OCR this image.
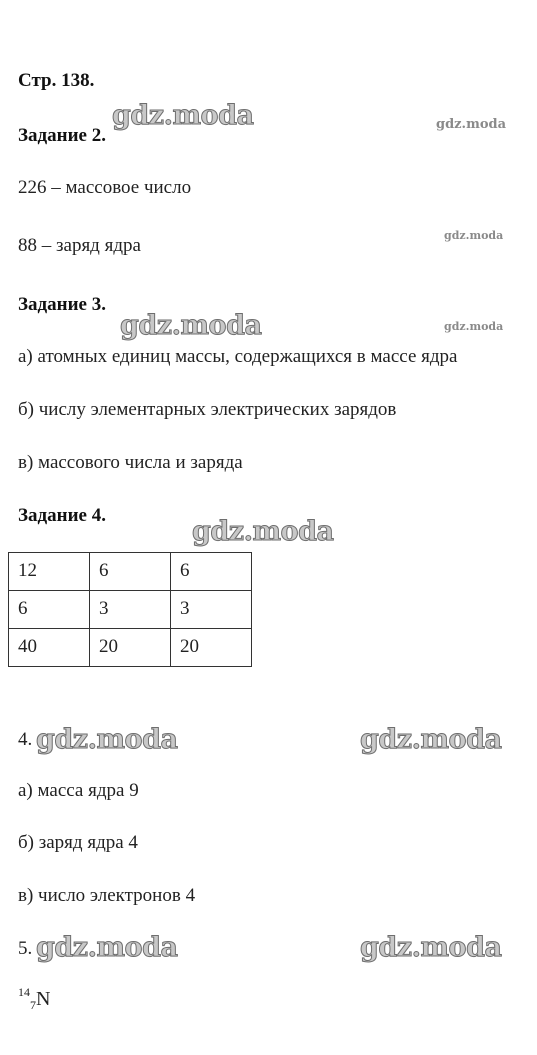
Стр. 138.
Задание 2.
226 – массовое число
88 – заряд ядра
Задание 3.
а) атомных единиц массы, содержащихся в массе ядра
б) числу элементарных электрических зарядов
в) массового числа и заряда
Задание 4.
12	6	6
6	3	3
40	20	20
4.
а) масса ядра 9
б) заряд ядра 4
в) число электронов 4
5.
$^{14}_7$N
gdz.moda	gdz.moda
gdz.moda
gdz.moda	gdz.moda
gdz.moda
gdz.moda	gdz.moda
gdz.moda	gdz.moda
